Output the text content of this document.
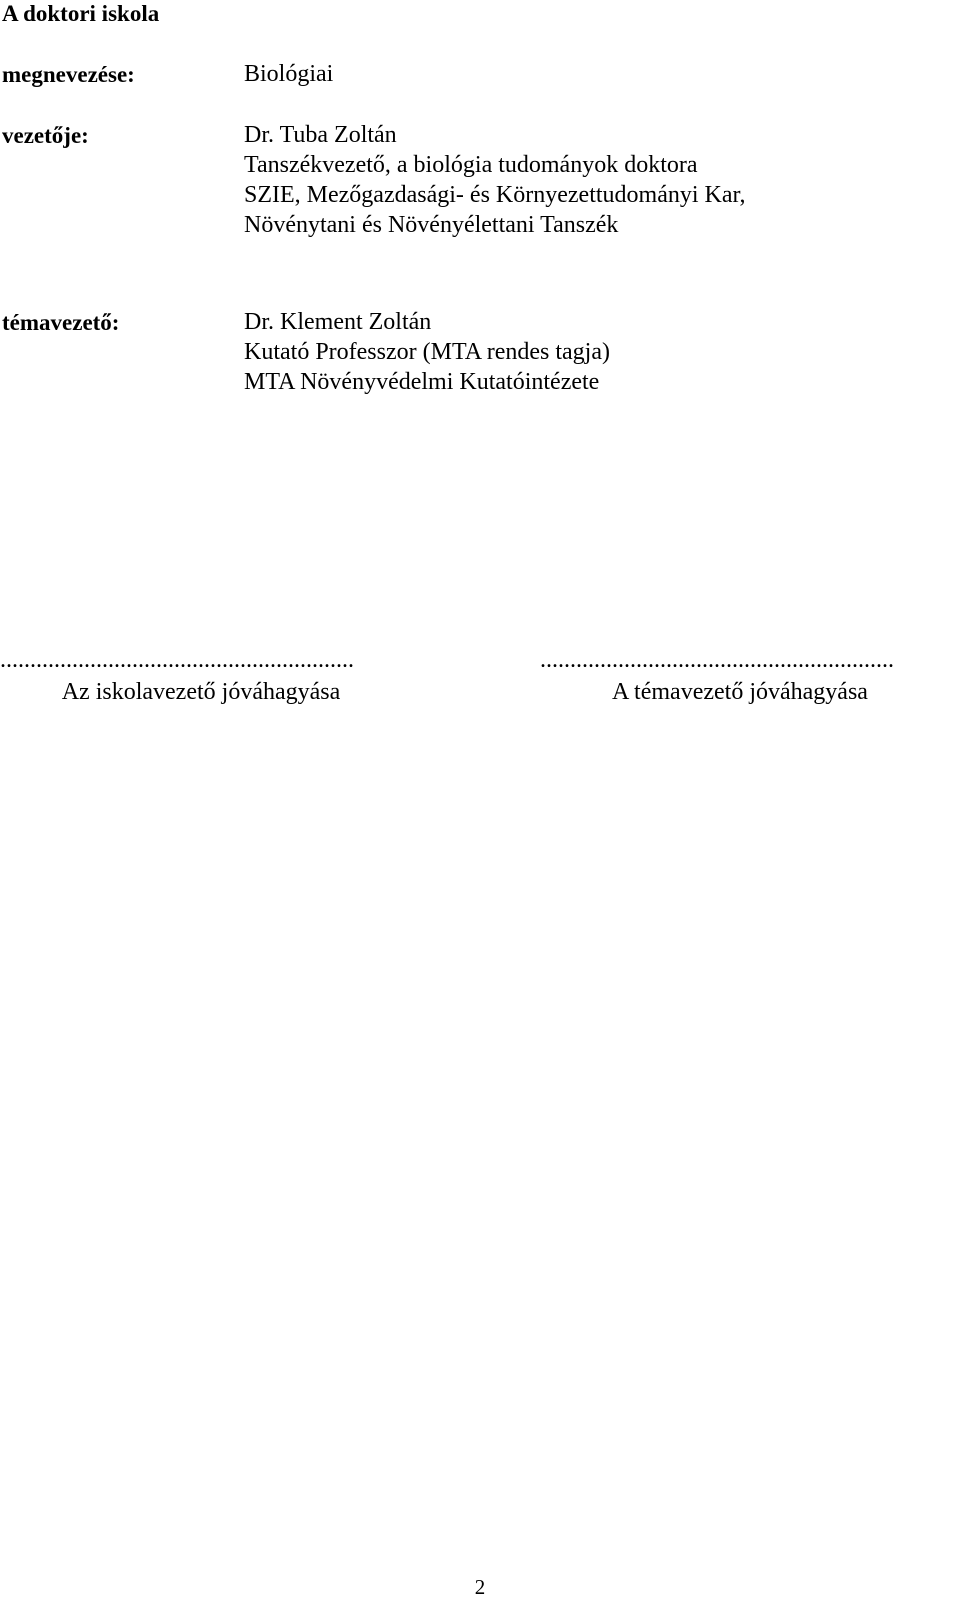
A doktori iskola
megnevezése:	Biológiai
vezetője:	Dr. Tuba Zoltán
Tanszékvezető, a biológia tudományok doktora
SZIE, Mezőgazdasági- és Környezettudományi Kar,
Növénytani és Növényélettani Tanszék
témavezető:	Dr. Klement Zoltán
Kutató Professzor (MTA rendes tagja)
MTA Növényvédelmi Kutatóintézete
...........................................................
Az iskolavezető jóváhagyása
...........................................................
A témavezető jóváhagyása
2
